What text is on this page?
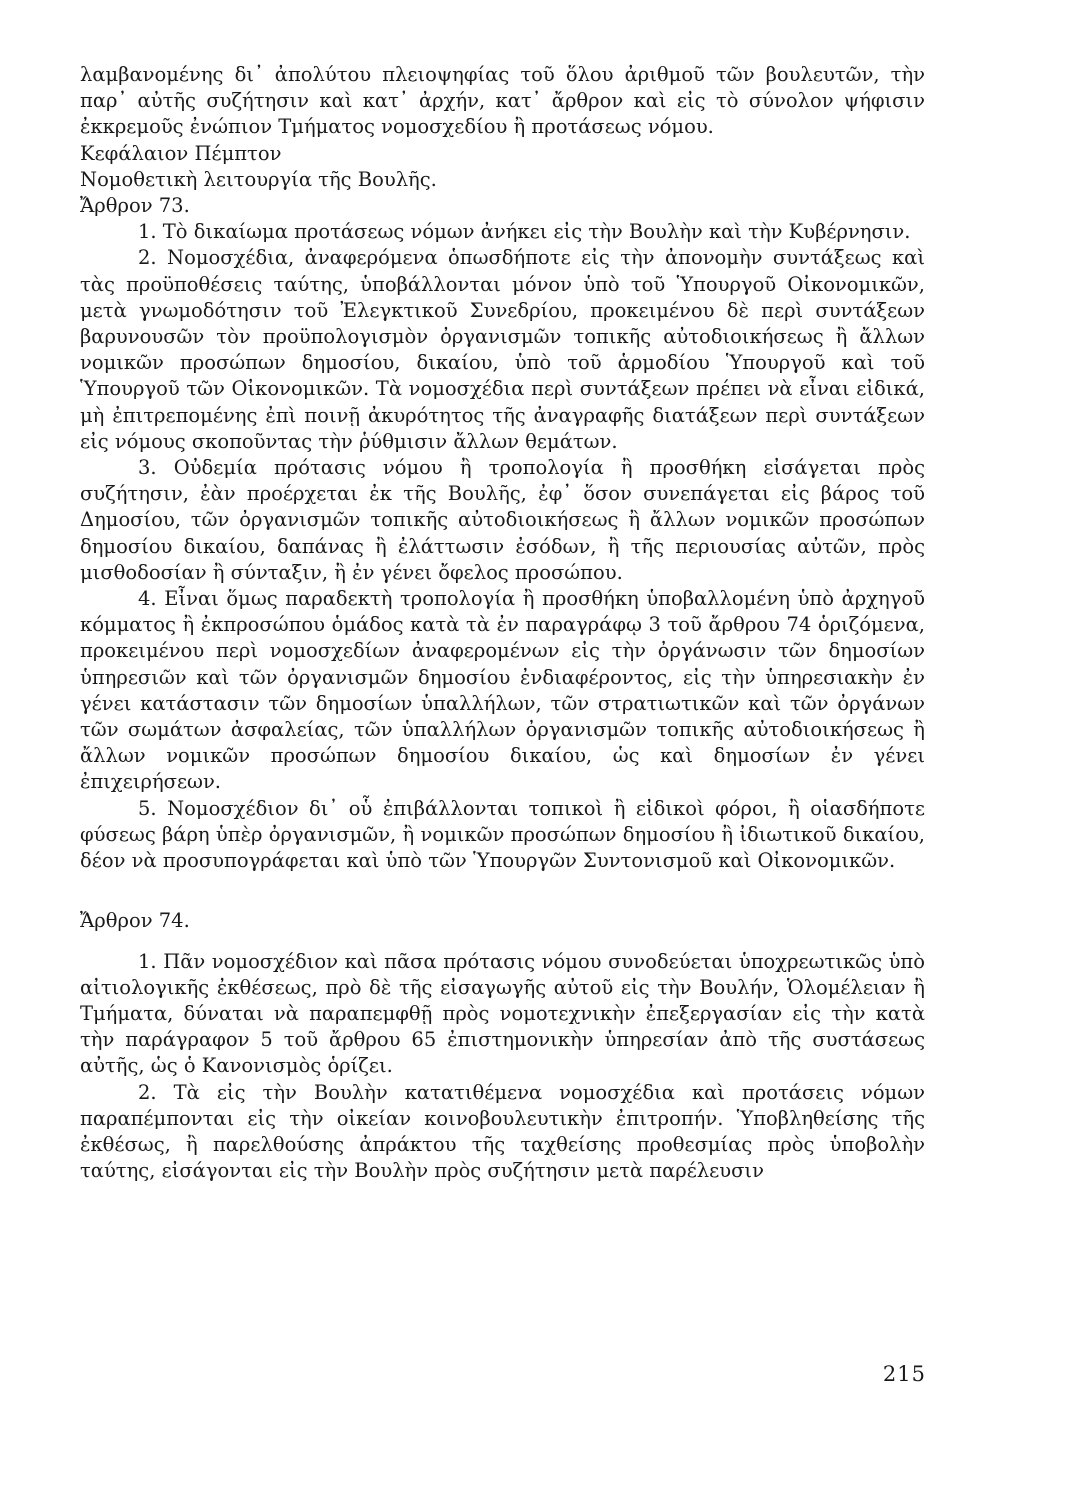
λαμβανομένης δι᾽ ἀπολύτου πλειοψηφίας τοῦ ὅλου ἀριθμοῦ τῶν βουλευτῶν, τὴν παρ᾽ αὐτῆς συζήτησιν καὶ κατ᾽ ἀρχήν, κατ᾽ ἄρθρον καὶ εἰς τὸ σύνολον ψήφισιν ἐκκρεμοῦς ἐνώπιον Τμήματος νομοσχεδίου ἢ προτάσεως νόμου.

Κεφάλαιον Πέμπτον

Νομοθετικὴ λειτουργία τῆς Βουλῆς.

Ἄρθρον 73.

1. Τὸ δικαίωμα προτάσεως νόμων ἀνήκει εἰς τὴν Βουλὴν καὶ τὴν Κυβέρνησιν.

2. Νομοσχέδια, ἀναφερόμενα ὁπωσδήποτε εἰς τὴν ἀπονομὴν συντάξεως καὶ τὰς προϋποθέσεις ταύτης, ὑποβάλλονται μόνον ὑπὸ τοῦ Ὑπουργοῦ Οἰκονομικῶν, μετὰ γνωμοδότησιν τοῦ Ἐλεγκτικοῦ Συνεδρίου, προκειμένου δὲ περὶ συντάξεων βαρυνουσῶν τὸν προϋπολογισμὸν ὀργανισμῶν τοπικῆς αὐτοδιοικήσεως ἢ ἄλλων νομικῶν προσώπων δημοσίου, δικαίου, ὑπὸ τοῦ ἁρμοδίου Ὑπουργοῦ καὶ τοῦ Ὑπουργοῦ τῶν Οἰκονομικῶν. Τὰ νομοσχέδια περὶ συντάξεων πρέπει νὰ εἶναι εἰδικά, μὴ ἐπιτρεπομένης ἐπὶ ποινῇ ἀκυρότητος τῆς ἀναγραφῆς διατάξεων περὶ συντάξεων εἰς νόμους σκοποῦντας τὴν ῥύθμισιν ἄλλων θεμάτων.

3. Οὐδεμία πρότασις νόμου ἢ τροπολογία ἢ προσθήκη εἰσάγεται πρὸς συζήτησιν, ἐὰν προέρχεται ἐκ τῆς Βουλῆς, ἐφ᾽ ὅσον συνεπάγεται εἰς βάρος τοῦ Δημοσίου, τῶν ὀργανισμῶν τοπικῆς αὐτοδιοικήσεως ἢ ἄλλων νομικῶν προσώπων δημοσίου δικαίου, δαπάνας ἢ ἐλάττωσιν ἐσόδων, ἢ τῆς περιουσίας αὐτῶν, πρὸς μισθοδοσίαν ἢ σύνταξιν, ἢ ἐν γένει ὄφελος προσώπου.

4. Εἶναι ὅμως παραδεκτὴ τροπολογία ἢ προσθήκη ὑποβαλλομένη ὑπὸ ἀρχηγοῦ κόμματος ἢ ἐκπροσώπου ὁμάδος κατὰ τὰ ἐν παραγράφῳ 3 τοῦ ἄρθρου 74 ὁριζόμενα, προκειμένου περὶ νομοσχεδίων ἀναφερομένων εἰς τὴν ὀργάνωσιν τῶν δημοσίων ὑπηρεσιῶν καὶ τῶν ὀργανισμῶν δημοσίου ἐνδιαφέροντος, εἰς τὴν ὑπηρεσιακὴν ἐν γένει κατάστασιν τῶν δημοσίων ὑπαλλήλων, τῶν στρατιωτικῶν καὶ τῶν ὀργάνων τῶν σωμάτων ἀσφαλείας, τῶν ὑπαλλήλων ὀργανισμῶν τοπικῆς αὐτοδιοικήσεως ἢ ἄλλων νομικῶν προσώπων δημοσίου δικαίου, ὡς καὶ δημοσίων ἐν γένει ἐπιχειρήσεων.

5. Νομοσχέδιον δι᾽ οὗ ἐπιβάλλονται τοπικοὶ ἢ εἰδικοὶ φόροι, ἢ οἱασδήποτε φύσεως βάρη ὑπὲρ ὀργανισμῶν, ἢ νομικῶν προσώπων δημοσίου ἢ ἰδιωτικοῦ δικαίου, δέον νὰ προσυπογράφεται καὶ ὑπὸ τῶν Ὑπουργῶν Συντονισμοῦ καὶ Οἰκονομικῶν.

Ἄρθρον 74.

1. Πᾶν νομοσχέδιον καὶ πᾶσα πρότασις νόμου συνοδεύεται ὑποχρεωτικῶς ὑπὸ αἰτιολογικῆς ἐκθέσεως, πρὸ δὲ τῆς εἰσαγωγῆς αὐτοῦ εἰς τὴν Βουλήν, Ὁλομέλειαν ἢ Τμήματα, δύναται νὰ παραπεμφθῇ πρὸς νομοτεχνικὴν ἐπεξεργασίαν εἰς τὴν κατὰ τὴν παράγραφον 5 τοῦ ἄρθρου 65 ἐπιστημονικὴν ὑπηρεσίαν ἀπὸ τῆς συστάσεως αὐτῆς, ὡς ὁ Κανονισμὸς ὁρίζει.

2. Τὰ εἰς τὴν Βουλὴν κατατιθέμενα νομοσχέδια καὶ προτάσεις νόμων παραπέμπονται εἰς τὴν οἰκείαν κοινοβουλευτικὴν ἐπιτροπήν. Ὑποβληθείσης τῆς ἐκθέσως, ἢ παρελθούσης ἀπράκτου τῆς ταχθείσης προθεσμίας πρὸς ὑποβολὴν ταύτης, εἰσάγονται εἰς τὴν Βουλὴν πρὸς συζήτησιν μετὰ παρέλευσιν

215
